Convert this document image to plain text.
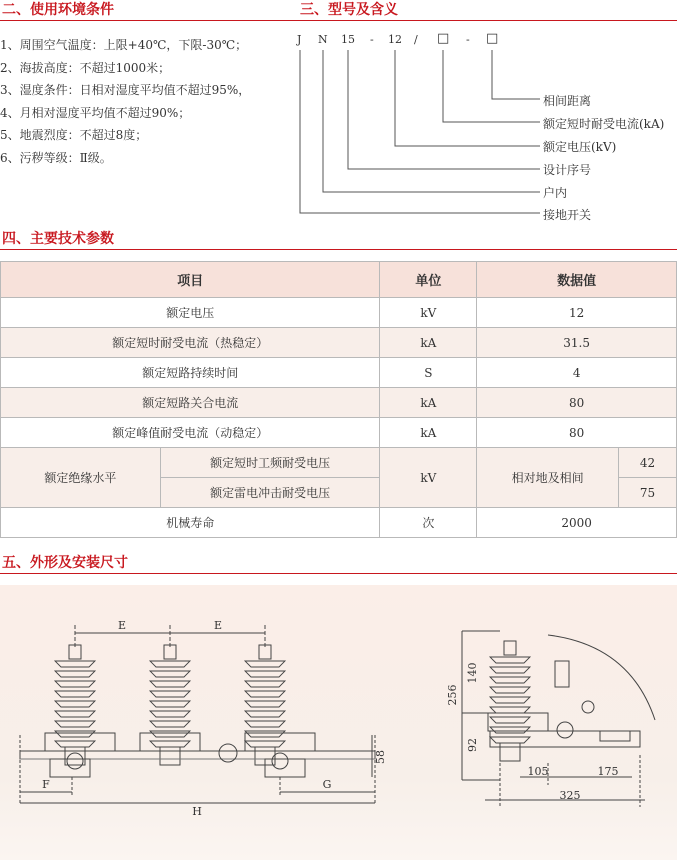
二、使用环境条件
1、周围空气温度：上限+40℃，下限-30℃；
2、海拔高度：不超过1000米；
3、湿度条件：日相对湿度平均值不超过95%，
4、月相对湿度平均值不超过90%；
5、地震烈度：不超过8度；
6、污秽等级：Ⅱ级。
三、型号及含义
J N 15 - 12 / □ - □
相间距离
额定短时耐受电流(kA)
额定电压(kV)
设计序号
户内
接地开关
四、主要技术参数
项目		单位	数据值	
额定电压		kV	12	
额定短时耐受电流（热稳定）		kA	31.5	
额定短路持续时间		S	4	
额定短路关合电流		kA	80	
额定峰值耐受电流（动稳定）		kA	80	
额定绝缘水平	额定短时工频耐受电压	kV	相对地及相间	42
	额定雷电冲击耐受电压			75
机械寿命		次	2000	
五、外形及安装尺寸
E	E
F	G
H
58
256
140
92
105	175
325
